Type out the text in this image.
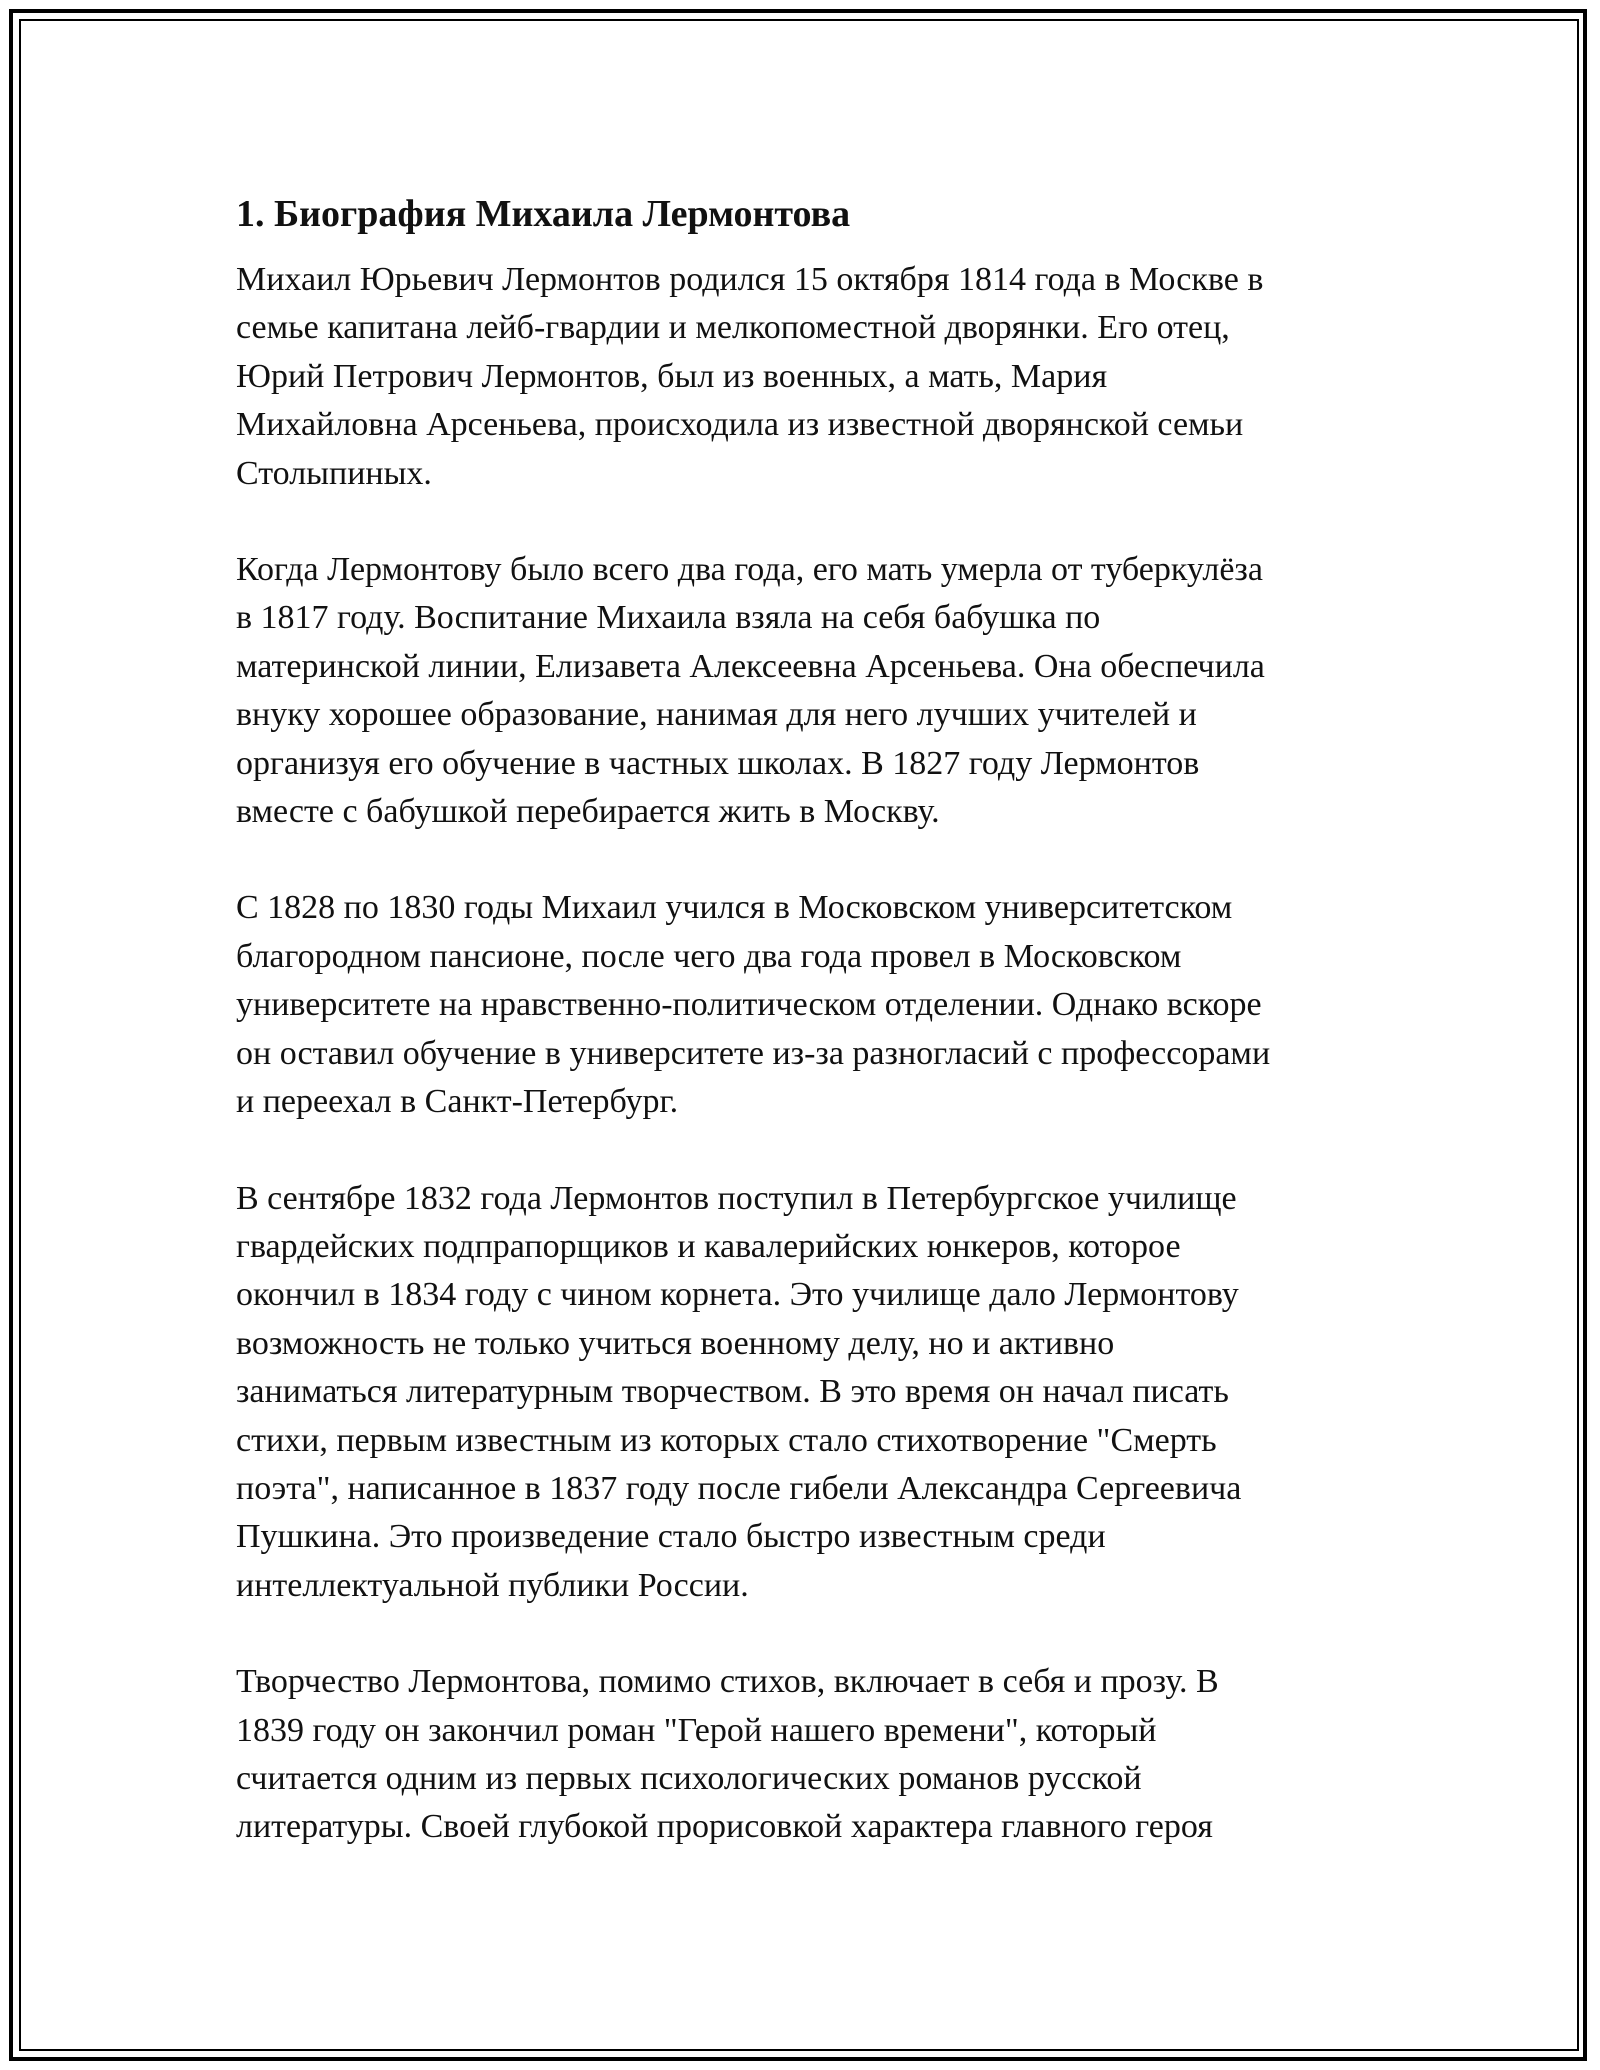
1. Биография Михаила Лермонтова
Михаил Юрьевич Лермонтов родился 15 октября 1814 года в Москве в
семье капитана лейб-гвардии и мелкопоместной дворянки. Его отец,
Юрий Петрович Лермонтов, был из военных, а мать, Мария
Михайловна Арсеньева, происходила из известной дворянской семьи
Столыпиных.
Когда Лермонтову было всего два года, его мать умерла от туберкулёза
в 1817 году. Воспитание Михаила взяла на себя бабушка по
материнской линии, Елизавета Алексеевна Арсеньева. Она обеспечила
внуку хорошее образование, нанимая для него лучших учителей и
организуя его обучение в частных школах. В 1827 году Лермонтов
вместе с бабушкой перебирается жить в Москву.
С 1828 по 1830 годы Михаил учился в Московском университетском
благородном пансионе, после чего два года провел в Московском
университете на нравственно-политическом отделении. Однако вскоре
он оставил обучение в университете из-за разногласий с профессорами
и переехал в Санкт-Петербург.
В сентябре 1832 года Лермонтов поступил в Петербургское училище
гвардейских подпрапорщиков и кавалерийских юнкеров, которое
окончил в 1834 году с чином корнета. Это училище дало Лермонтову
возможность не только учиться военному делу, но и активно
заниматься литературным творчеством. В это время он начал писать
стихи, первым известным из которых стало стихотворение "Смерть
поэта", написанное в 1837 году после гибели Александра Сергеевича
Пушкина. Это произведение стало быстро известным среди
интеллектуальной публики России.
Творчество Лермонтова, помимо стихов, включает в себя и прозу. В
1839 году он закончил роман "Герой нашего времени", который
считается одним из первых психологических романов русской
литературы. Своей глубокой прорисовкой характера главного героя
